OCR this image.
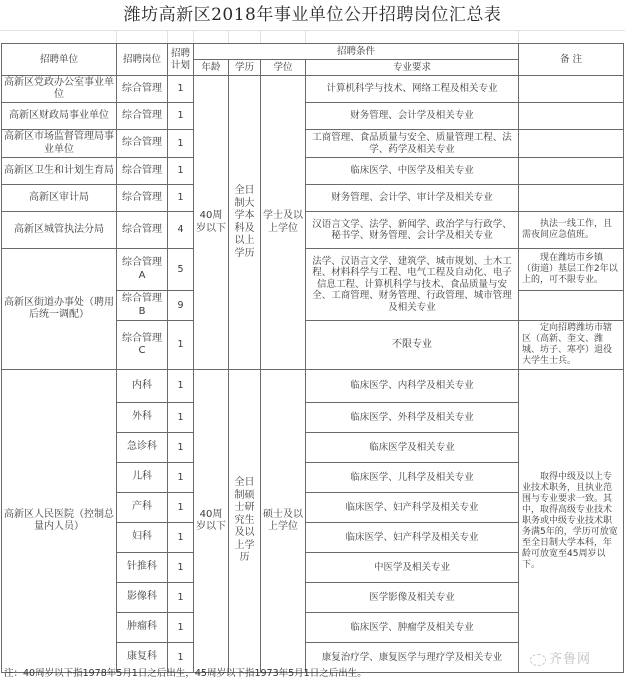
潍坊高新区2018年事业单位公开招聘岗位汇总表
招聘单位	招聘岗位	招聘计划	招聘条件				备 注
			年龄	学历	学位	专业要求	
高新区党政办公室事业单位	综合管理	1	40周岁以下	全日制大学本科及以上学历	学士及以上学位	计算机科学与技术、网络工程及相关专业	
高新区财政局事业单位	综合管理	1				财务管理、会计学及相关专业	
高新区市场监督管理局事业单位	综合管理	1				工商管理、食品质量与安全、质量管理工程、法学、药学及相关专业	
高新区卫生和计划生育局	综合管理	1				临床医学、中医学及相关专业	
高新区审计局	综合管理	1				财务管理、会计学、审计学及相关专业	
高新区城管执法分局	综合管理	4				汉语言文学、法学、新闻学、政治学与行政学、秘书学、财务管理、会计学及相关专业	执法一线工作，且需夜间应急值班。
高新区街道办事处（聘用后统一调配）	综合管理A	5				法学、汉语言文学、建筑学、城市规划、土木工程、材料科学与工程、电气工程及自动化、电子信息工程、计算机科学与技术、食品质量与安全、工商管理、财务管理、行政管理、城市管理及相关专业	现在潍坊市乡镇（街道）基层工作2年以上的，可不限专业。
	综合管理B	9					
	综合管理C	1				不限专业	定向招聘潍坊市辖区（高新、奎文、潍城、坊子、寒亭）退役大学生士兵。
高新区人民医院（控制总量内人员）	内科	1	40周岁以下	全日制硕士研究生及以上学历	硕士及以上学位	临床医学、内科学及相关专业	取得中级及以上专业技术职务，且执业范围与专业要求一致。其中，取得高级专业技术职务或中级专业技术职务满5年的，学历可放宽至全日制大学本科，年龄可放宽至45周岁以下。
	外科	1				临床医学、外科学及相关专业	
	急诊科	1				临床医学及相关专业	
	儿科	1				临床医学、儿科学及相关专业	
	产科	1				临床医学、妇产科学及相关专业	
	妇科	1				临床医学、妇产科学及相关专业	
	针推科	1				中医学及相关专业	
	影像科	1				医学影像及相关专业	
	肿瘤科	1				临床医学、肿瘤学及相关专业	
	康复科	1				康复治疗学、康复医学与理疗学及相关专业	
注：40周岁以下指1978年5月1日之后出生，45周岁以下指1973年5月1日之后出生。
齐鲁网
